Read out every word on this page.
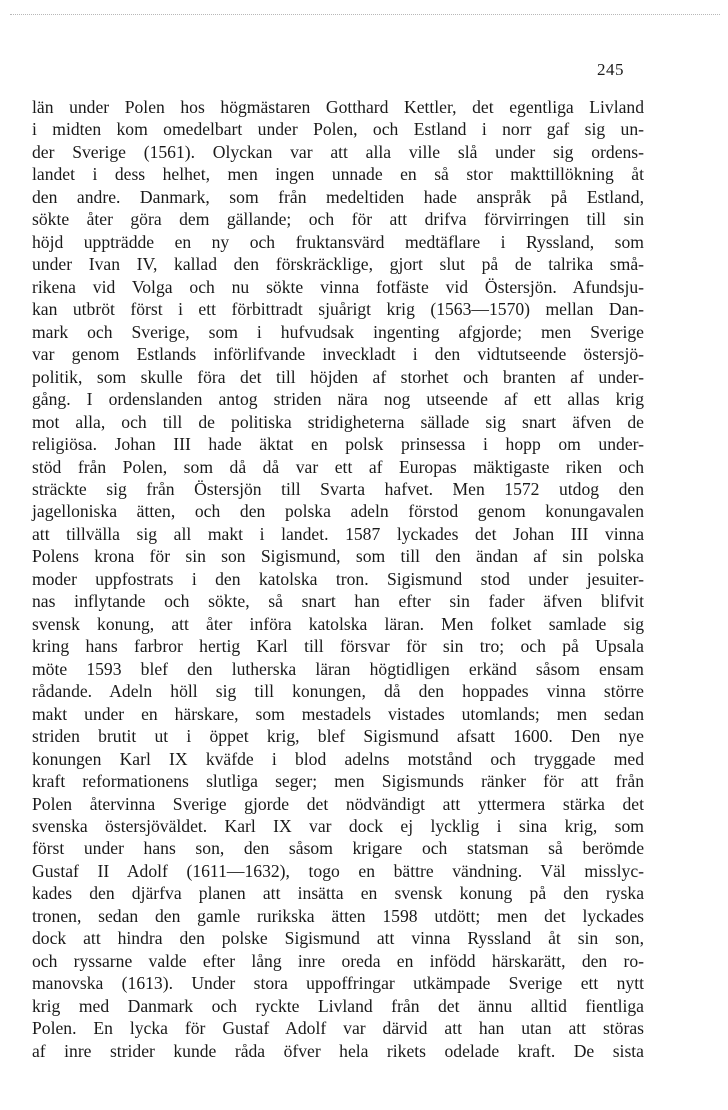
245
län under Polen hos högmästaren Gotthard Kettler, det egentliga Livland
i midten kom omedelbart under Polen, och Estland i norr gaf sig un-
der Sverige (1561). Olyckan var att alla ville slå under sig ordens-
landet i dess helhet, men ingen unnade en så stor makttillökning åt
den andre. Danmark, som från medeltiden hade anspråk på Estland,
sökte åter göra dem gällande; och för att drifva förvirringen till sin
höjd uppträdde en ny och fruktansvärd medtäflare i Ryssland, som
under Ivan IV, kallad den förskräcklige, gjort slut på de talrika små-
rikena vid Volga och nu sökte vinna fotfäste vid Östersjön. Afundsju-
kan utbröt först i ett förbittradt sjuårigt krig (1563—1570) mellan Dan-
mark och Sverige, som i hufvudsak ingenting afgjorde; men Sverige
var genom Estlands införlifvande inveckladt i den vidtutseende östersjö-
politik, som skulle föra det till höjden af storhet och branten af under-
gång. I ordenslanden antog striden nära nog utseende af ett allas krig
mot alla, och till de politiska stridigheterna sällade sig snart äfven de
religiösa. Johan III hade äktat en polsk prinsessa i hopp om under-
stöd från Polen, som då då var ett af Europas mäktigaste riken och
sträckte sig från Östersjön till Svarta hafvet. Men 1572 utdog den
jagelloniska ätten, och den polska adeln förstod genom konungavalen
att tillvälla sig all makt i landet. 1587 lyckades det Johan III vinna
Polens krona för sin son Sigismund, som till den ändan af sin polska
moder uppfostrats i den katolska tron. Sigismund stod under jesuiter-
nas inflytande och sökte, så snart han efter sin fader äfven blifvit
svensk konung, att åter införa katolska läran. Men folket samlade sig
kring hans farbror hertig Karl till försvar för sin tro; och på Upsala
möte 1593 blef den lutherska läran högtidligen erkänd såsom ensam
rådande. Adeln höll sig till konungen, då den hoppades vinna större
makt under en härskare, som mestadels vistades utomlands; men sedan
striden brutit ut i öppet krig, blef Sigismund afsatt 1600. Den nye
konungen Karl IX kväfde i blod adelns motstånd och tryggade med
kraft reformationens slutliga seger; men Sigismunds ränker för att från
Polen återvinna Sverige gjorde det nödvändigt att yttermera stärka det
svenska östersjöväldet. Karl IX var dock ej lycklig i sina krig, som
först under hans son, den såsom krigare och statsman så berömde
Gustaf II Adolf (1611—1632), togo en bättre vändning. Väl misslyc-
kades den djärfva planen att insätta en svensk konung på den ryska
tronen, sedan den gamle rurikska ätten 1598 utdött; men det lyckades
dock att hindra den polske Sigismund att vinna Ryssland åt sin son,
och ryssarne valde efter lång inre oreda en infödd härskarätt, den ro-
manovska (1613). Under stora uppoffringar utkämpade Sverige ett nytt
krig med Danmark och ryckte Livland från det ännu alltid fientliga
Polen. En lycka för Gustaf Adolf var därvid att han utan att störas
af inre strider kunde råda öfver hela rikets odelade kraft. De sista
